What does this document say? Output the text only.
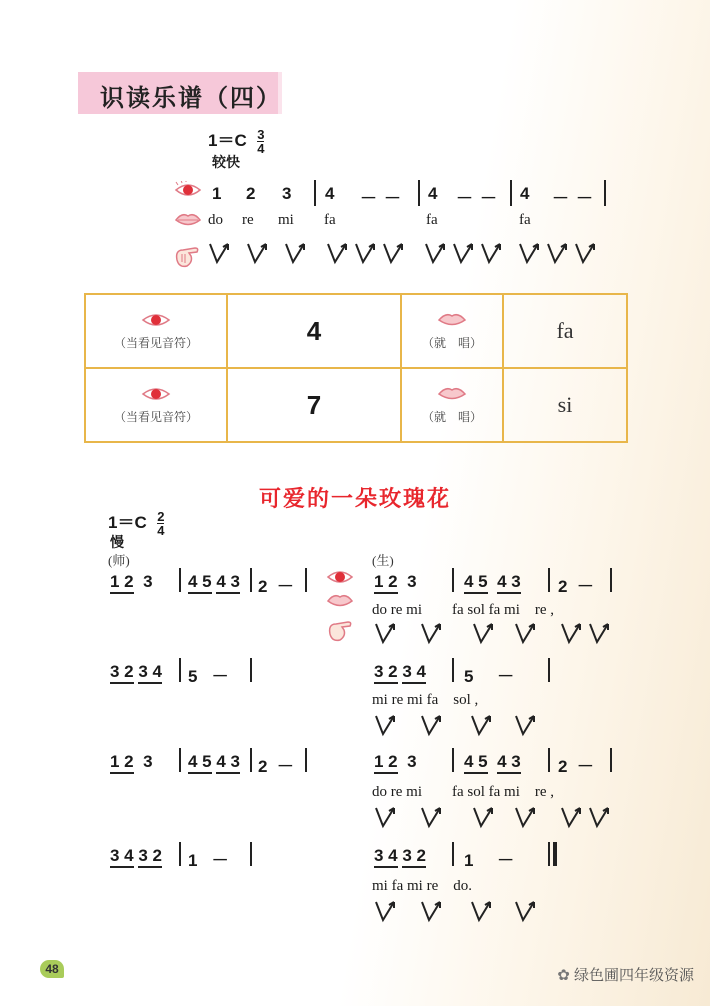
识读乐谱（四）
$1=C \frac{3}{4}$
较快
1 2 3 4 － － 4 － － 4 － －
do re mi fa	fa	fa

（当看见音符）	4	（就　唱）	fa

（当看见音符）	7	（就　唱）	si
可爱的一朵玫瑰花
$1=C \frac{2}{4}$
慢
(师)	(生)
1 2 3 4 5 4 3 2 －	1 2 3	4 5 4 3 2 －
do re mi　　fa sol fa mi　re ,
3 2 3 4 5 －	3 2 3 4 5 －
mi re mi fa　sol ,
1 2 3 4 5 4 3 2 －	1 2 3	4 5 4 3 2 －
do re mi　　fa sol fa mi　re ,
3 4 3 2 1 －	3 4 3 2 1 －
mi fa mi re　do.
48	✿ 绿色圃四年级资源
